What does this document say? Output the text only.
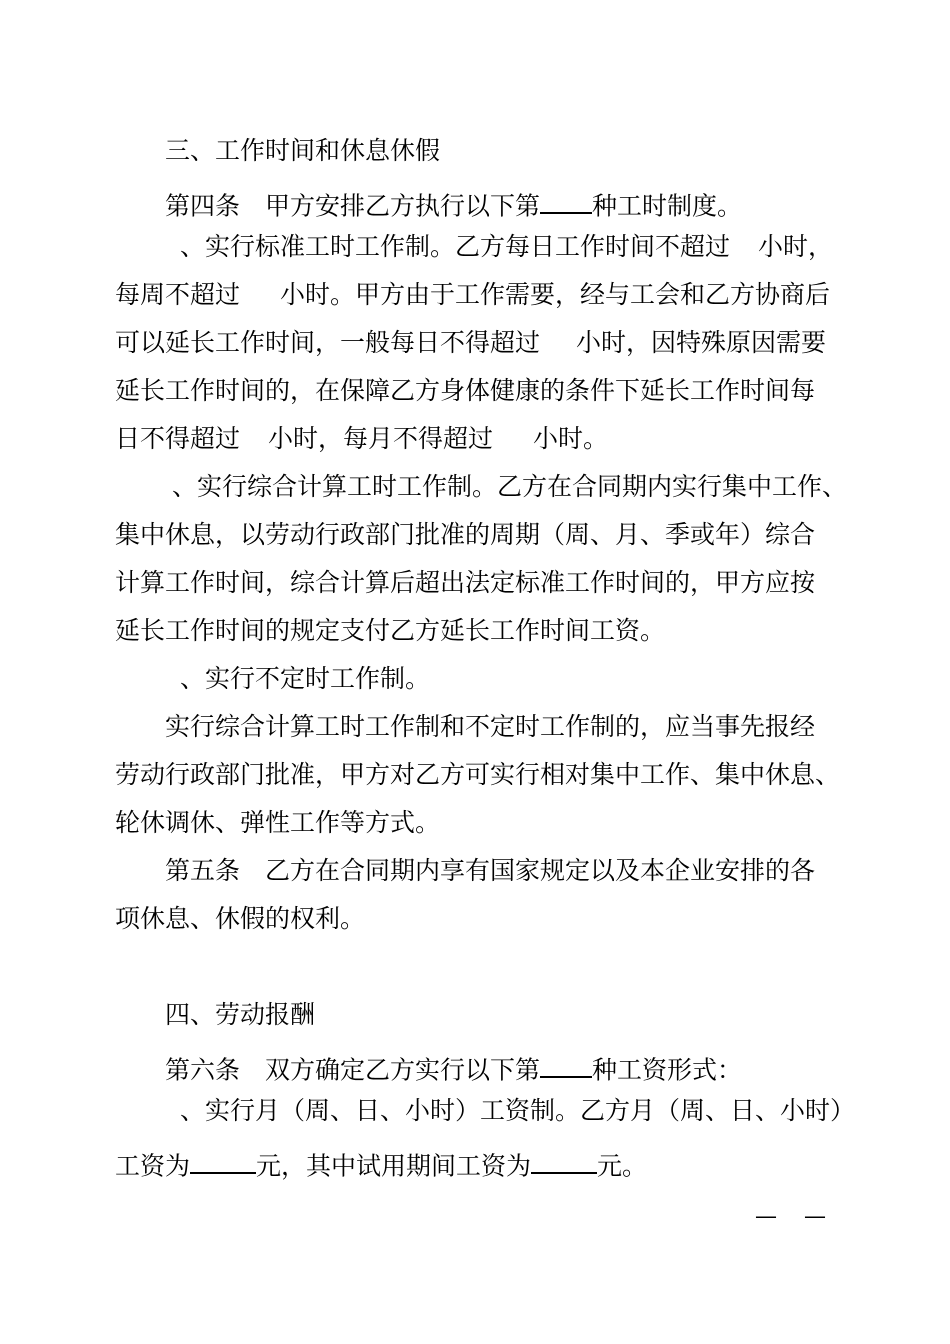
三、工作时间和休息休假
第四条　甲方安排乙方执行以下第 种工时制度。
、实行标准工时工作制。乙方每日工作时间不超过 小时，
每周不超过 小时。甲方由于工作需要，经与工会和乙方协商后
可以延长工作时间，一般每日不得超过 小时，因特殊原因需要
延长工作时间的，在保障乙方身体健康的条件下延长工作时间每
日不得超过 小时，每月不得超过 小时。
、实行综合计算工时工作制。乙方在合同期内实行集中工作、
集中休息，以劳动行政部门批准的周期（周、月、季或年）综合
计算工作时间，综合计算后超出法定标准工作时间的，甲方应按
延长工作时间的规定支付乙方延长工作时间工资。
、实行不定时工作制。
实行综合计算工时工作制和不定时工作制的，应当事先报经
劳动行政部门批准，甲方对乙方可实行相对集中工作、集中休息、
轮休调休、弹性工作等方式。
第五条　乙方在合同期内享有国家规定以及本企业安排的各
项休息、休假的权利。
四、劳动报酬
第六条　双方确定乙方实行以下第 种工资形式：
、实行月（周、日、小时）工资制。乙方月（周、日、小时）
工资为	元，其中试用期间工资为	元。
— —
